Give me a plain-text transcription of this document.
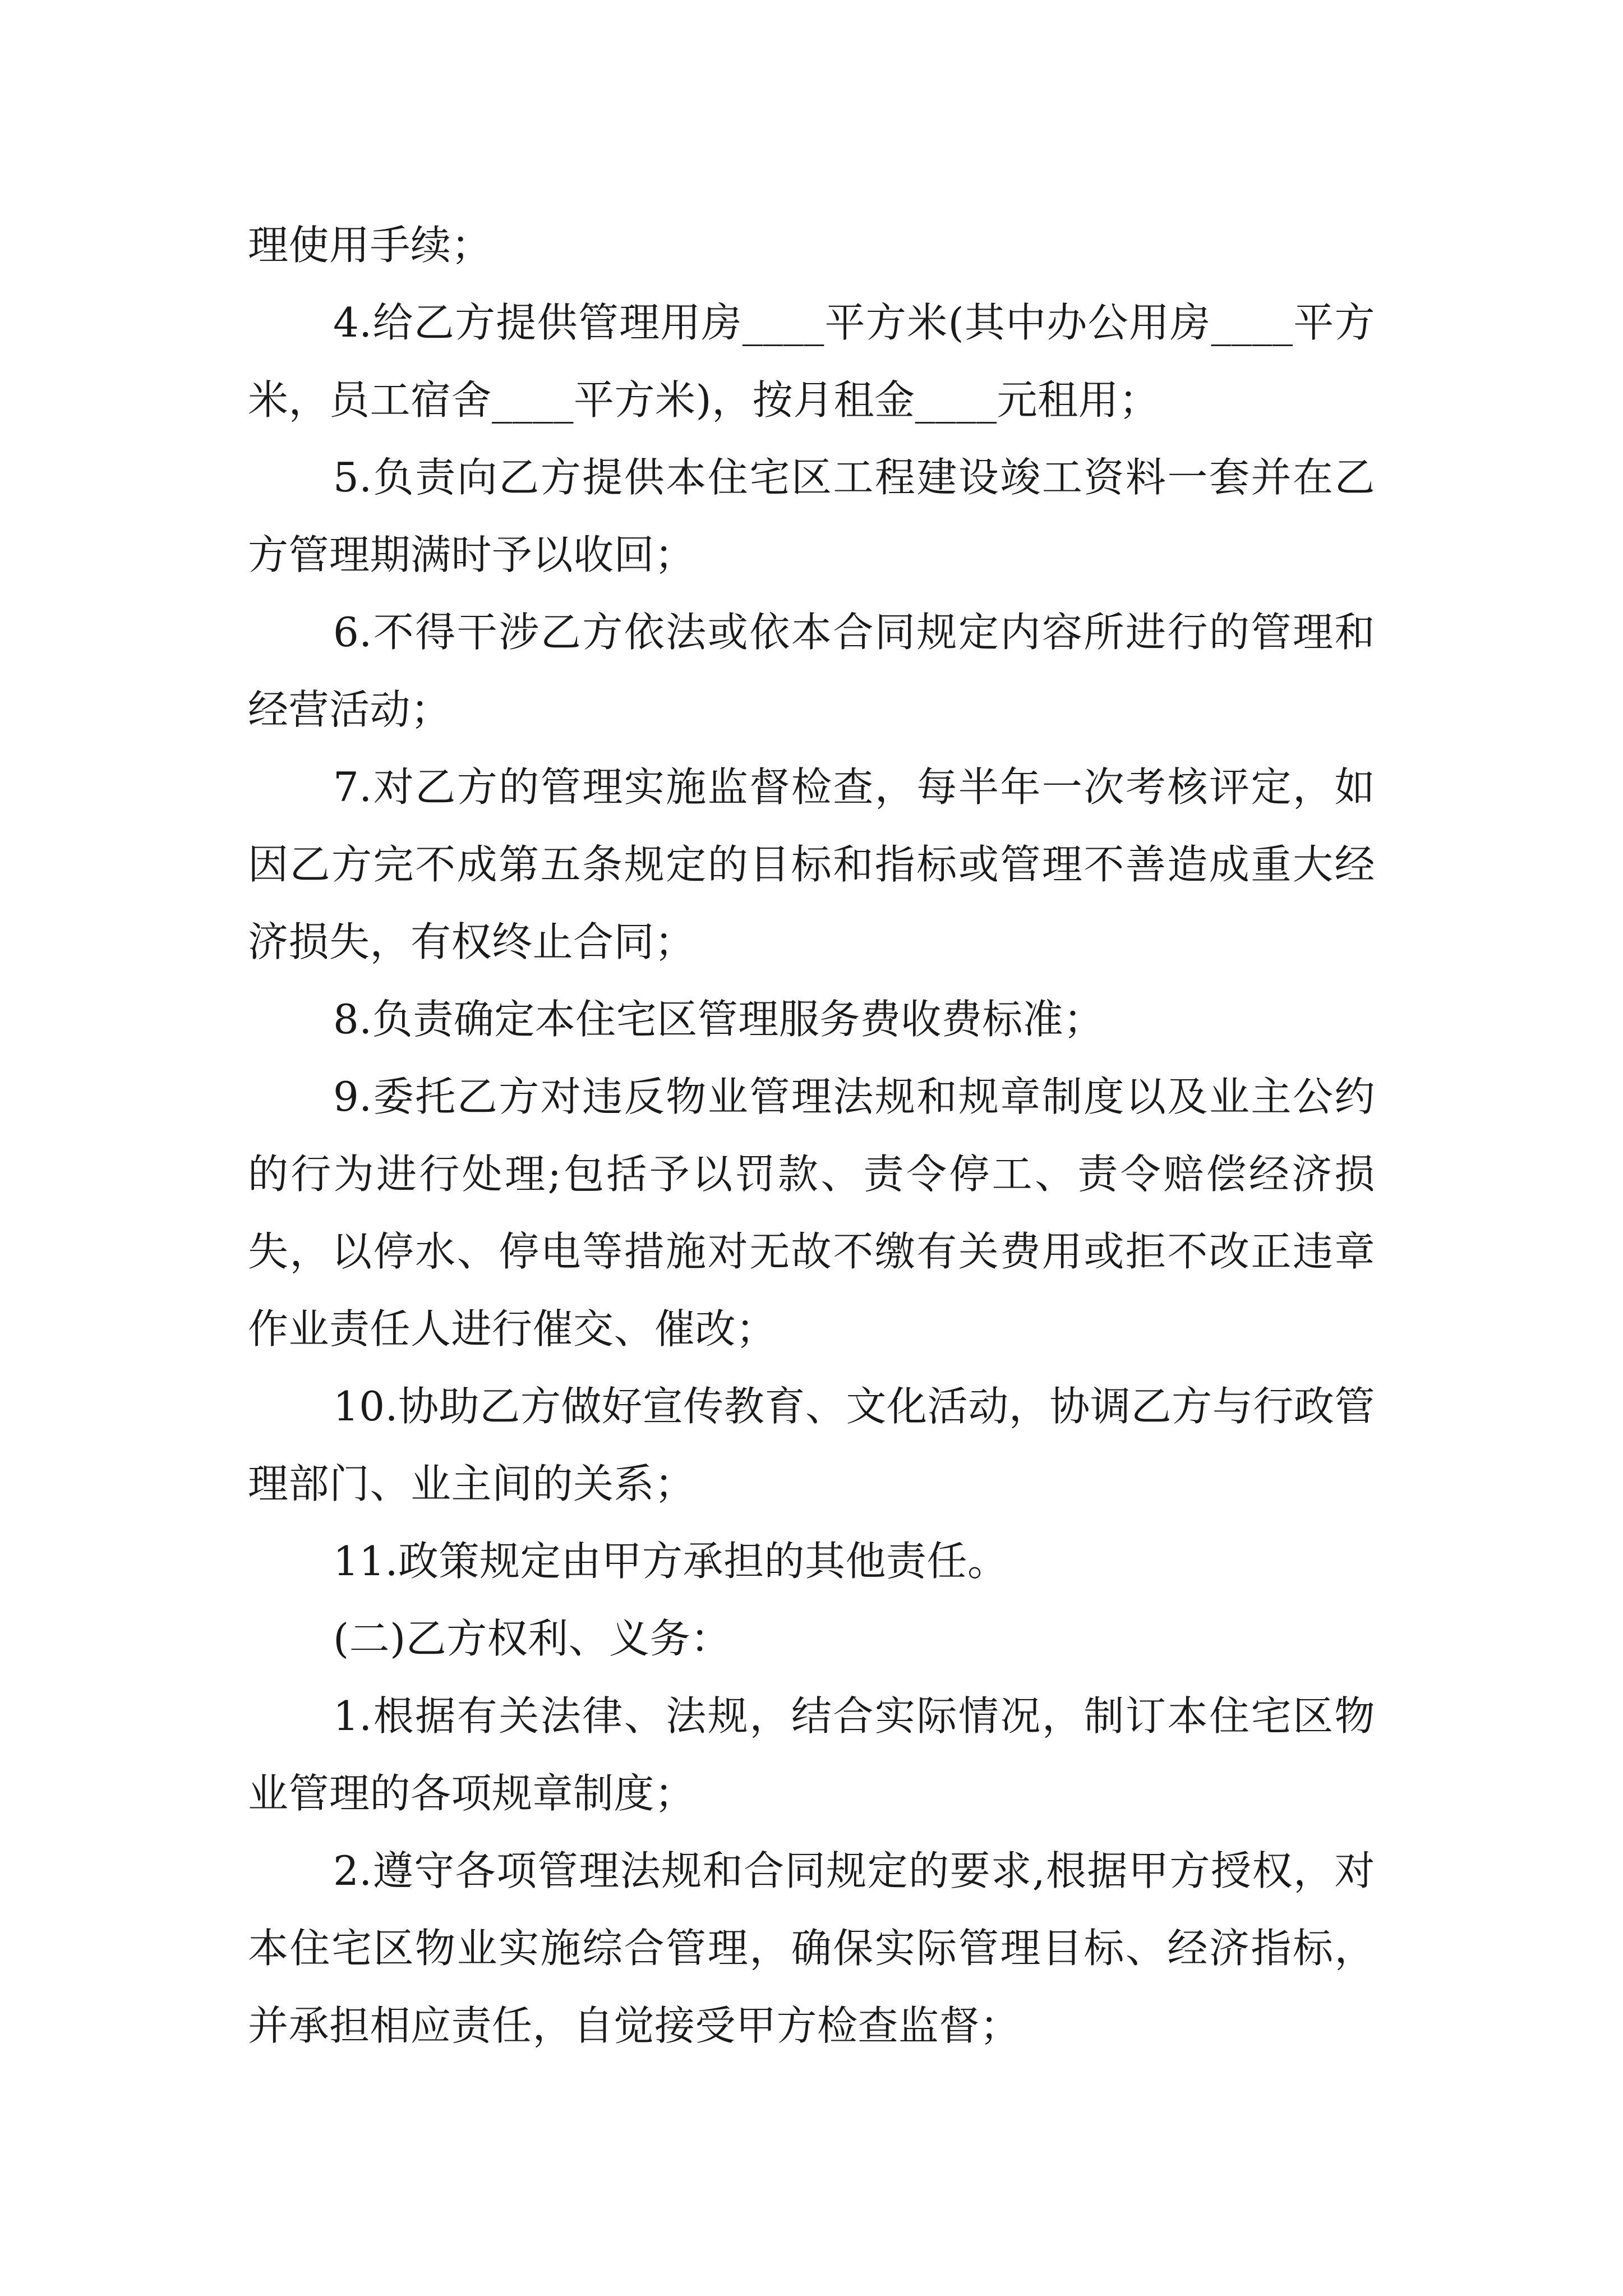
理使用手续；

4.给乙方提供管理用房____平方米(其中办公用房____平方米，员工宿舍____平方米)，按月租金____元租用；

5.负责向乙方提供本住宅区工程建设竣工资料一套并在乙方管理期满时予以收回；

6.不得干涉乙方依法或依本合同规定内容所进行的管理和经营活动；

7.对乙方的管理实施监督检查，每半年一次考核评定，如因乙方完不成第五条规定的目标和指标或管理不善造成重大经济损失，有权终止合同；

8.负责确定本住宅区管理服务费收费标准；

9.委托乙方对违反物业管理法规和规章制度以及业主公约的行为进行处理;包括予以罚款、责令停工、责令赔偿经济损失，以停水、停电等措施对无故不缴有关费用或拒不改正违章作业责任人进行催交、催改；

10.协助乙方做好宣传教育、文化活动，协调乙方与行政管理部门、业主间的关系；

11.政策规定由甲方承担的其他责任。

(二)乙方权利、义务：

1.根据有关法律、法规，结合实际情况，制订本住宅区物业管理的各项规章制度；

2.遵守各项管理法规和合同规定的要求,根据甲方授权，对本住宅区物业实施综合管理，确保实际管理目标、经济指标，并承担相应责任，自觉接受甲方检查监督；
